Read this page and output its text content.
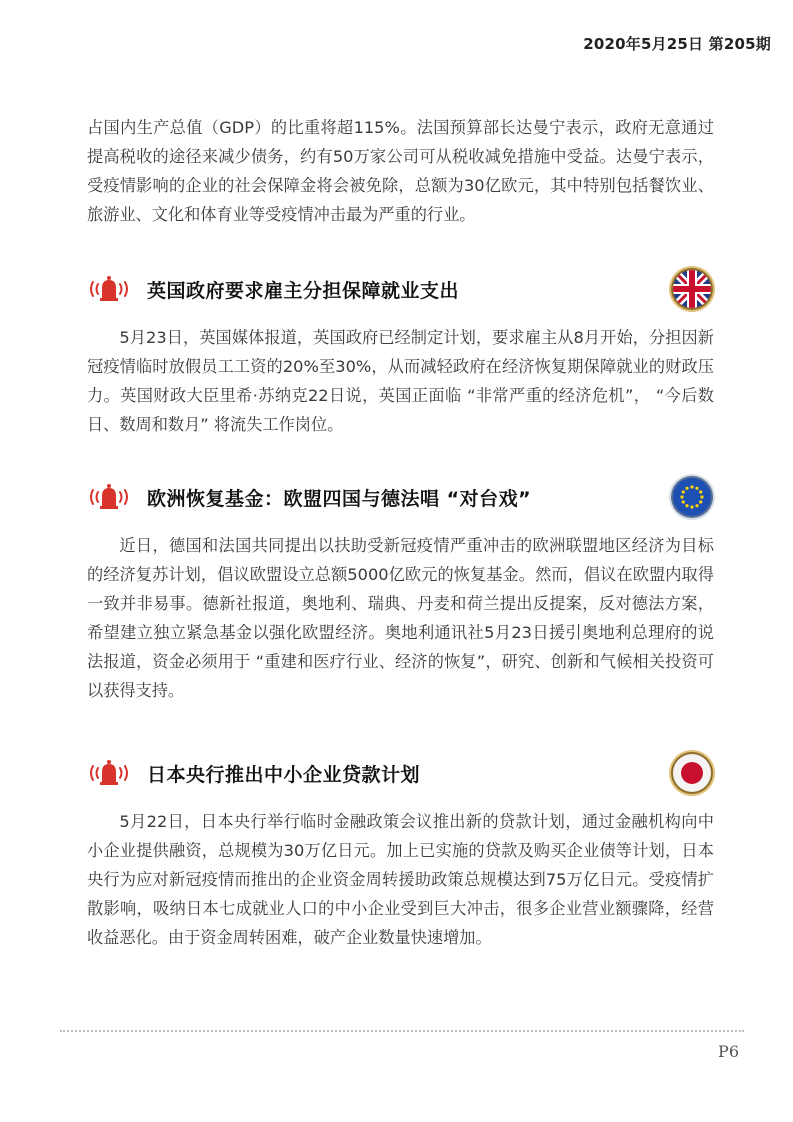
2020年5月25日 第205期

占国内生产总值（GDP）的比重将超115%。法国预算部长达曼宁表示，政府无意通过提高税收的途径来减少债务，约有50万家公司可从税收减免措施中受益。达曼宁表示，受疫情影响的企业的社会保障金将会被免除，总额为30亿欧元，其中特别包括餐饮业、旅游业、文化和体育业等受疫情冲击最为严重的行业。

英国政府要求雇主分担保障就业支出

5月23日，英国媒体报道，英国政府已经制定计划，要求雇主从8月开始，分担因新冠疫情临时放假员工工资的20%至30%，从而减轻政府在经济恢复期保障就业的财政压力。英国财政大臣里希·苏纳克22日说，英国正面临 “非常严重的经济危机”， “今后数日、数周和数月” 将流失工作岗位。

欧洲恢复基金：欧盟四国与德法唱 “对台戏”

近日，德国和法国共同提出以扶助受新冠疫情严重冲击的欧洲联盟地区经济为目标的经济复苏计划，倡议欧盟设立总额5000亿欧元的恢复基金。然而，倡议在欧盟内取得一致并非易事。德新社报道，奥地利、瑞典、丹麦和荷兰提出反提案，反对德法方案，希望建立独立紧急基金以强化欧盟经济。奥地利通讯社5月23日援引奥地利总理府的说法报道，资金必须用于 “重建和医疗行业、经济的恢复”，研究、创新和气候相关投资可以获得支持。

日本央行推出中小企业贷款计划

5月22日，日本央行举行临时金融政策会议推出新的贷款计划，通过金融机构向中小企业提供融资，总规模为30万亿日元。加上已实施的贷款及购买企业债等计划，日本央行为应对新冠疫情而推出的企业资金周转援助政策总规模达到75万亿日元。受疫情扩散影响，吸纳日本七成就业人口的中小企业受到巨大冲击，很多企业营业额骤降，经营收益恶化。由于资金周转困难，破产企业数量快速增加。

P6
